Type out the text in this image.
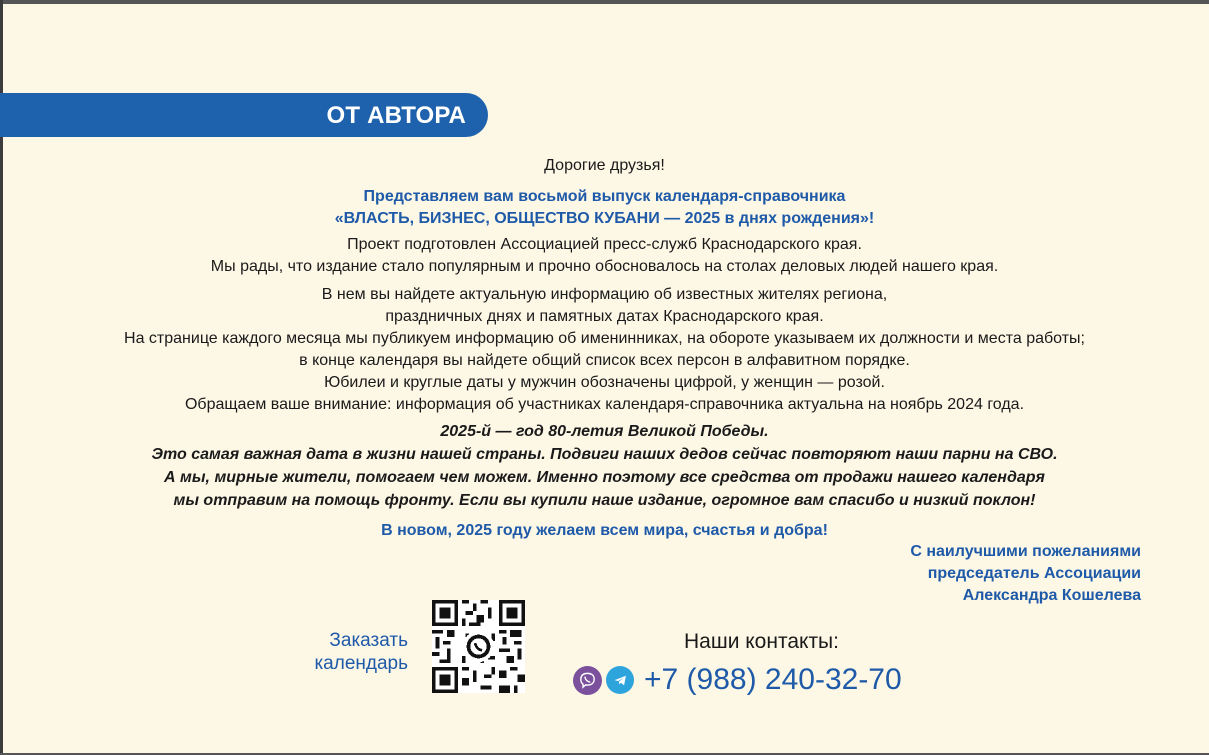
ОТ АВТОРА

Дорогие друзья!

Представляем вам восьмой выпуск календаря-справочника

«ВЛАСТЬ, БИЗНЕС, ОБЩЕСТВО КУБАНИ — 2025 в днях рождения»!

Проект подготовлен Ассоциацией пресс-служб Краснодарского края.

Мы рады, что издание стало популярным и прочно обосновалось на столах деловых людей нашего края.

В нем вы найдете актуальную информацию об известных жителях региона,

праздничных днях и памятных датах Краснодарского края.

На странице каждого месяца мы публикуем информацию об именинниках, на обороте указываем их должности и места работы;

в конце календаря вы найдете общий список всех персон в алфавитном порядке.

Юбилеи и круглые даты у мужчин обозначены цифрой, у женщин — розой.

Обращаем ваше внимание: информация об участниках календаря-справочника актуальна на ноябрь 2024 года.

2025-й — год 80-летия Великой Победы.

Это самая важная дата в жизни нашей страны. Подвиги наших дедов сейчас повторяют наши парни на СВО.

А мы, мирные жители, помогаем чем можем. Именно поэтому все средства от продажи нашего календаря

мы отправим на помощь фронту. Если вы купили наше издание, огромное вам спасибо и низкий поклон!

В новом, 2025 году желаем всем мира, счастья и добра!

С наилучшими пожеланиями
председатель Ассоциации
Александра Кошелева
Заказать
календарь
Наши контакты:
+7 (988) 240-32-70
